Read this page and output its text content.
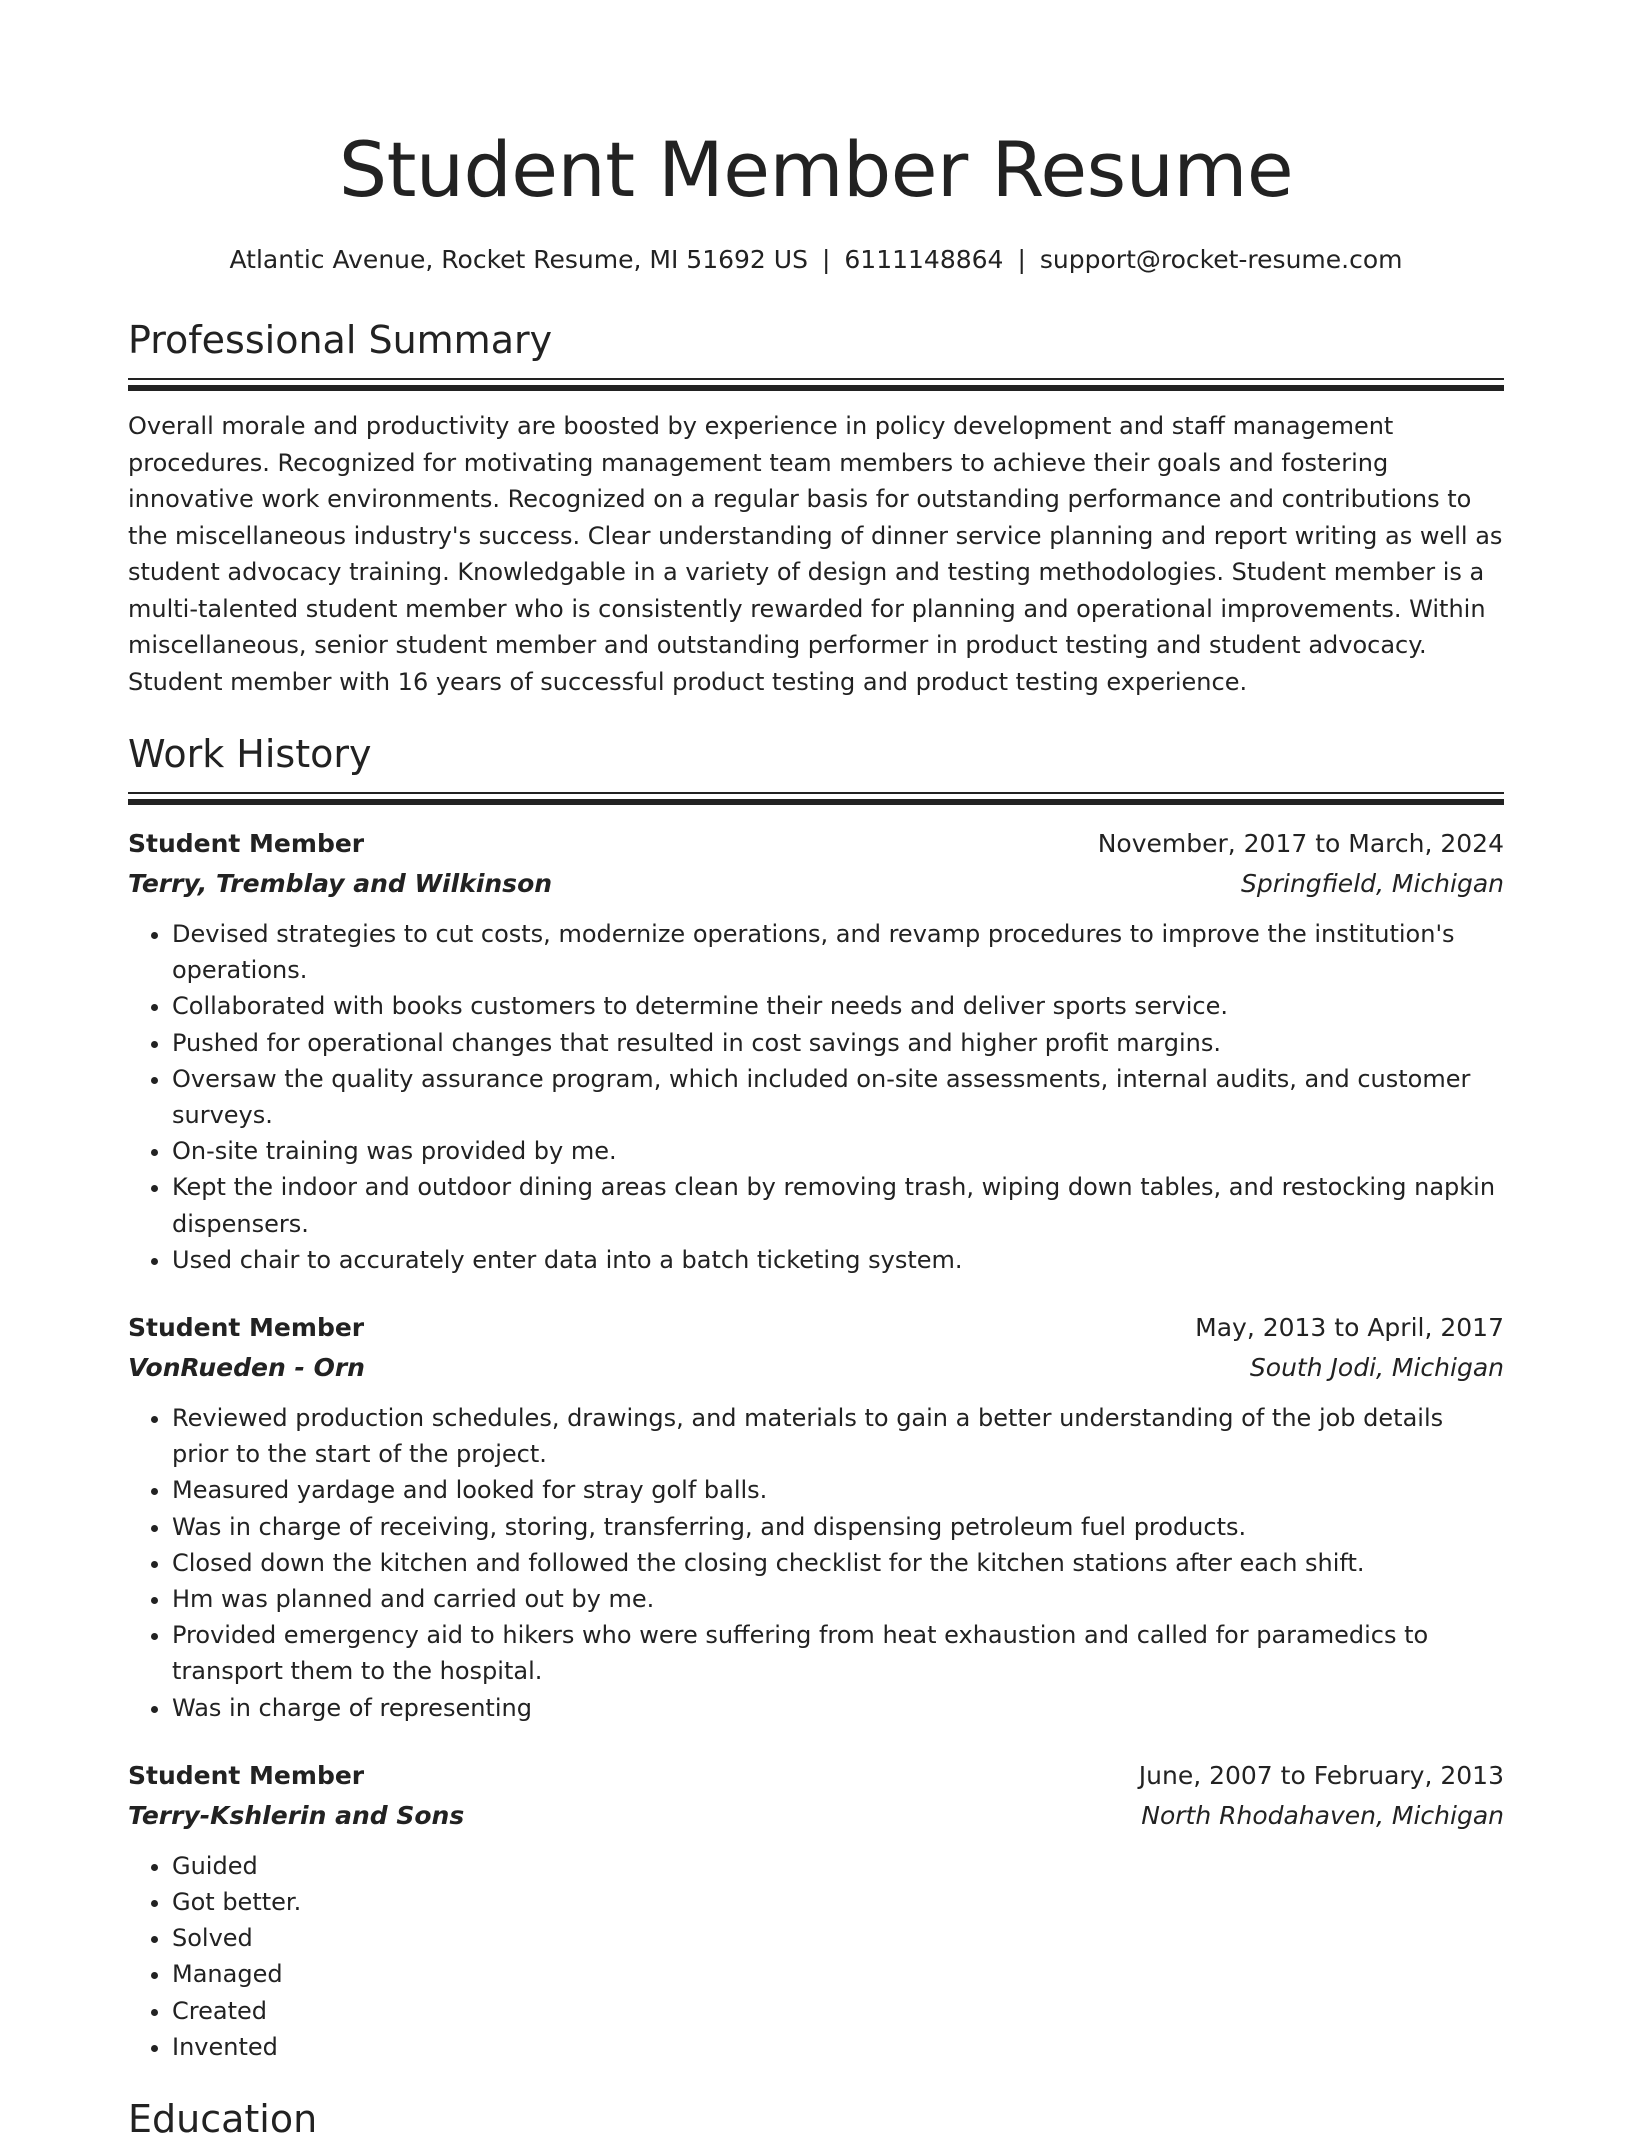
Student Member Resume
Atlantic Avenue, Rocket Resume, MI 51692 US | 6111148864 | support@rocket-resume.com
Professional Summary

Overall morale and productivity are boosted by experience in policy development and staff management procedures. Recognized for motivating management team members to achieve their goals and fostering innovative work environments. Recognized on a regular basis for outstanding performance and contributions to the miscellaneous industry's success. Clear understanding of dinner service planning and report writing as well as student advocacy training. Knowledgable in a variety of design and testing methodologies. Student member is a multi-talented student member who is consistently rewarded for planning and operational improvements. Within miscellaneous, senior student member and outstanding performer in product testing and student advocacy. Student member with 16 years of successful product testing and product testing experience.

Work History
Student Member	November, 2017 to March, 2024
Terry, Tremblay and Wilkinson	Springfield, Michigan
• Devised strategies to cut costs, modernize operations, and revamp procedures to improve the institution's operations.
• Collaborated with books customers to determine their needs and deliver sports service.
• Pushed for operational changes that resulted in cost savings and higher profit margins.
• Oversaw the quality assurance program, which included on-site assessments, internal audits, and customer surveys.
• On-site training was provided by me.
• Kept the indoor and outdoor dining areas clean by removing trash, wiping down tables, and restocking napkin dispensers.
• Used chair to accurately enter data into a batch ticketing system.
Student Member	May, 2013 to April, 2017
VonRueden - Orn	South Jodi, Michigan
• Reviewed production schedules, drawings, and materials to gain a better understanding of the job details prior to the start of the project.
• Measured yardage and looked for stray golf balls.
• Was in charge of receiving, storing, transferring, and dispensing petroleum fuel products.
• Closed down the kitchen and followed the closing checklist for the kitchen stations after each shift.
• Hm was planned and carried out by me.
• Provided emergency aid to hikers who were suffering from heat exhaustion and called for paramedics to transport them to the hospital.
• Was in charge of representing
Student Member	June, 2007 to February, 2013
Terry-Kshlerin and Sons	North Rhodahaven, Michigan
• Guided
• Got better.
• Solved
• Managed
• Created
• Invented
Education
